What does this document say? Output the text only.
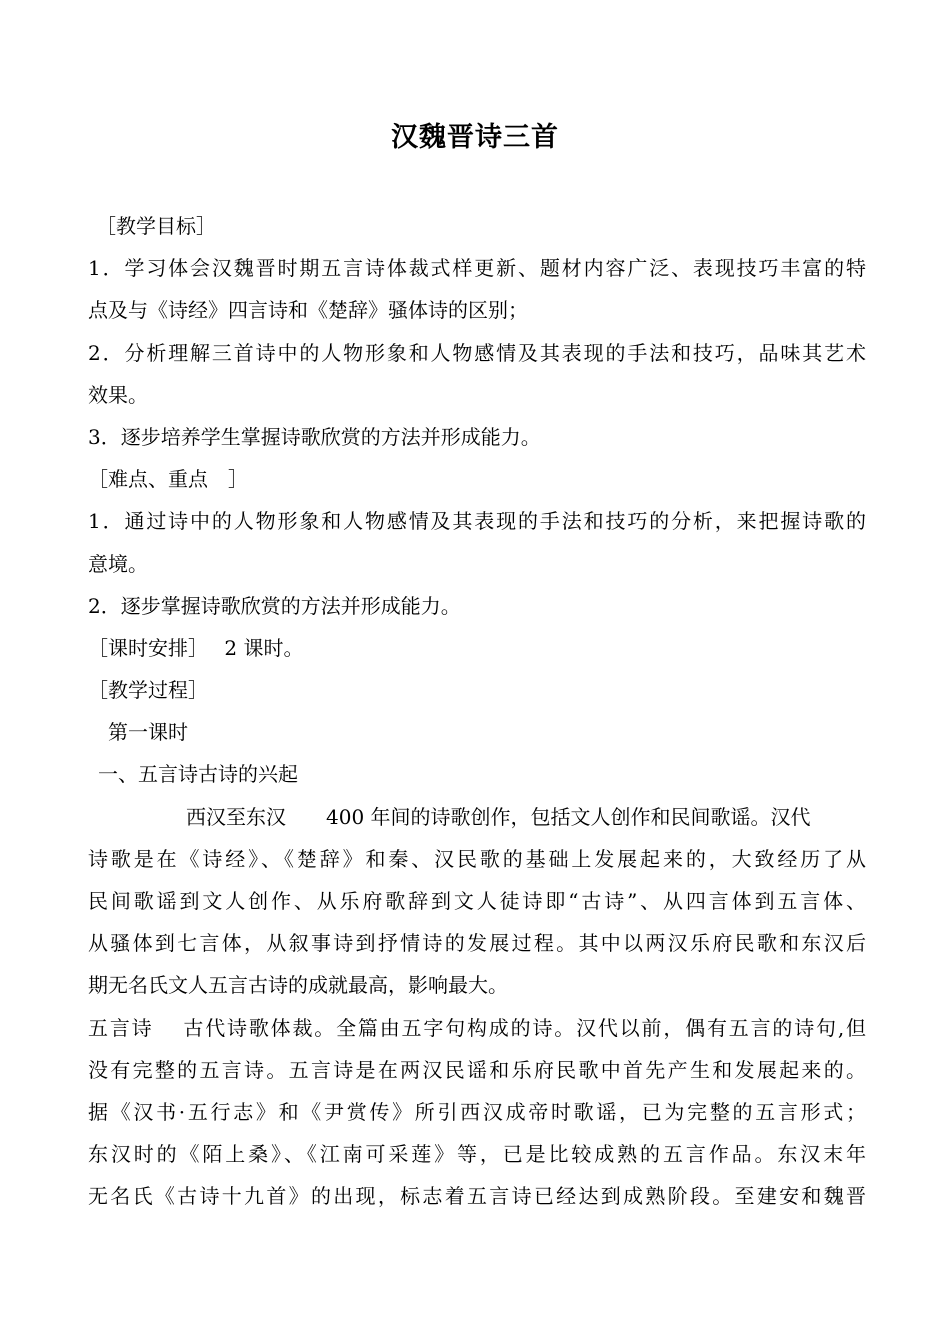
汉魏晋诗三首
［教学目标］
1．学习体会汉魏晋时期五言诗体裁式样更新、题材内容广泛、表现技巧丰富的特
点及与《诗经》四言诗和《楚辞》骚体诗的区别；
2．分析理解三首诗中的人物形象和人物感情及其表现的手法和技巧，品味其艺术
效果。
3．逐步培养学生掌握诗歌欣赏的方法并形成能力。
［难点、重点　］
1．通过诗中的人物形象和人物感情及其表现的手法和技巧的分析，来把握诗歌的
意境。
2．逐步掌握诗歌欣赏的方法并形成能力。
［课时安排］　 2 课时。
［教学过程］
第一课时
一、五言诗古诗的兴起
西汉至东汉　　400 年间的诗歌创作，包括文人创作和民间歌谣。汉代
诗歌是在《诗经》、《楚辞》和秦、汉民歌的基础上发展起来的，大致经历了从
民间歌谣到文人创作、从乐府歌辞到文人徒诗即“古诗”、从四言体到五言体、
从骚体到七言体，从叙事诗到抒情诗的发展过程。其中以两汉乐府民歌和东汉后
期无名氏文人五言古诗的成就最高，影响最大。
五言诗　 古代诗歌体裁。全篇由五字句构成的诗。汉代以前，偶有五言的诗句,但
没有完整的五言诗。五言诗是在两汉民谣和乐府民歌中首先产生和发展起来的。
据《汉书·五行志》和《尹赏传》所引西汉成帝时歌谣，已为完整的五言形式；
东汉时的《陌上桑》、《江南可采莲》等，已是比较成熟的五言作品。东汉末年
无名氏《古诗十九首》的出现，标志着五言诗已经达到成熟阶段。至建安和魏晋
